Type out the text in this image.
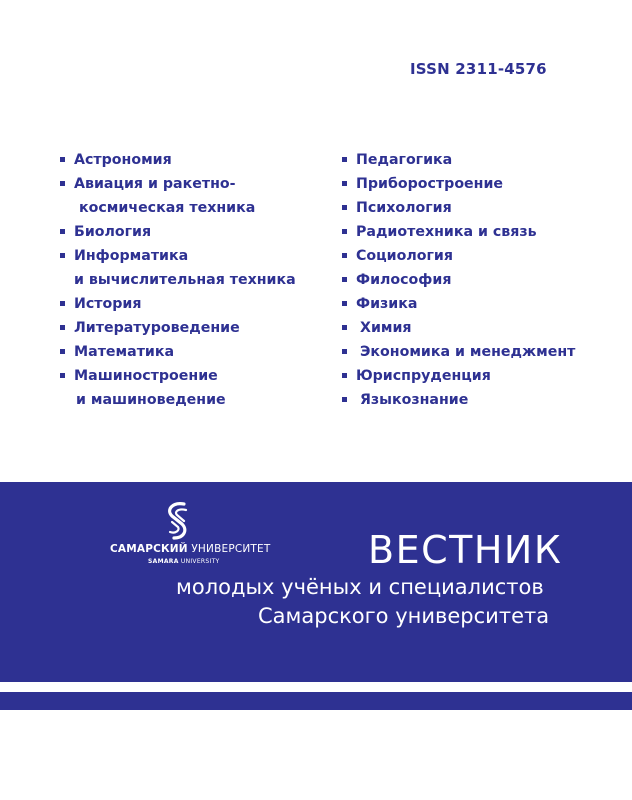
ISSN 2311-4576
Астрономия
Авиация и ракетно-
космическая техника
Биология
Информатика
и вычислительная техника
История
Литературоведение
Математика
Машиностроение
и машиноведение
Педагогика
Приборостроение
Психология
Радиотехника и связь
Социология
Философия
Физика
Химия
Экономика и менеджмент
Юриспруденция
Языкознание
САМАРСКИЙ УНИВЕРСИТЕТ
SAMARA UNIVERSITY	ВЕСТНИК
молодых учёных и специалистов
Самарского университета
